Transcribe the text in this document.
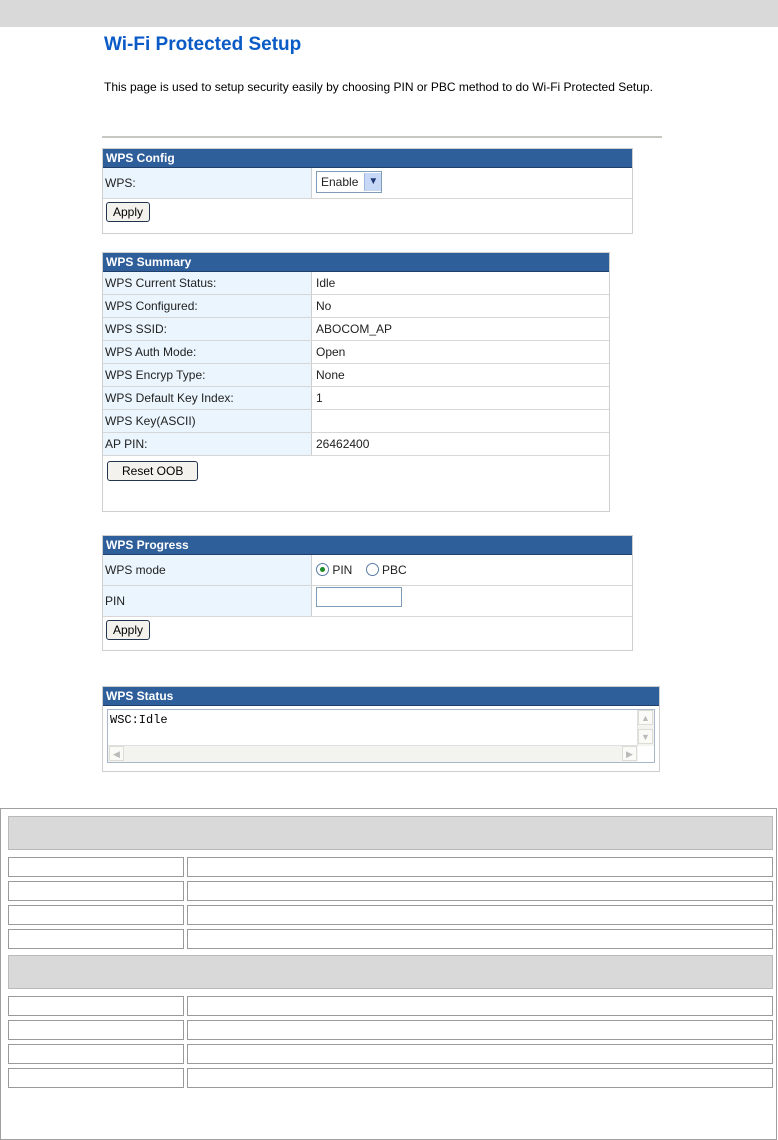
Wi-Fi Protected Setup
This page is used to setup security easily by choosing PIN or PBC method to do Wi-Fi Protected Setup.
WPS Config
WPS:	Enable	▼
Apply
WPS Summary
WPS Current Status:	Idle
WPS Configured:	No
WPS SSID:	ABOCOM_AP
WPS Auth Mode:	Open
WPS Encryp Type:	None
WPS Default Key Index:	1
WPS Key(ASCII)
AP PIN:	26462400
Reset OOB
WPS Progress
WPS mode	PIN PBC
PIN
Apply
WPS Status
WSC:Idle	▲
▼
◀	▶
